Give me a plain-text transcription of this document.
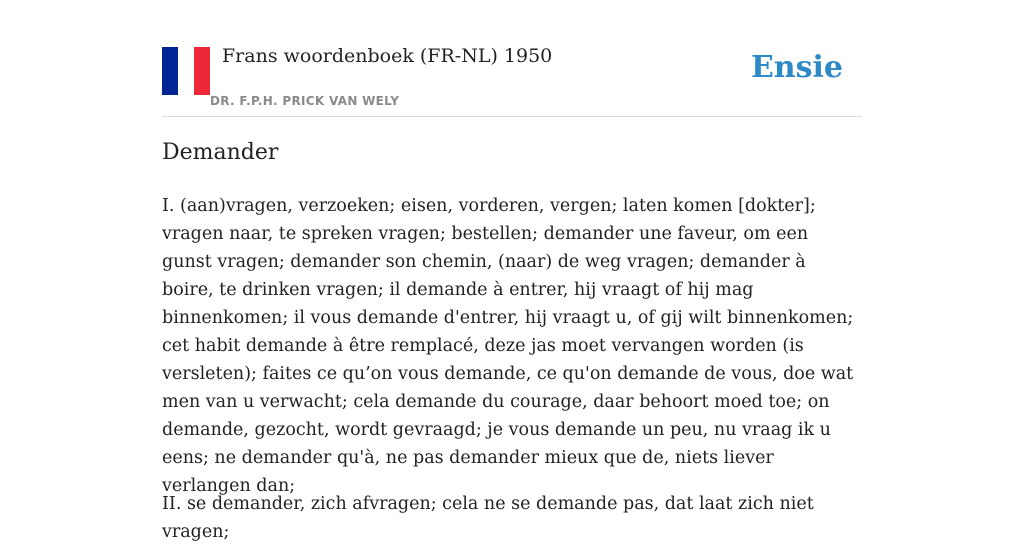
Frans woordenboek (FR-NL) 1950
DR. F.P.H. PRICK VAN WELY
Ensie
Demander

I. (aan)vragen, verzoeken; eisen, vorderen, vergen; laten komen [dokter]; vragen naar, te spreken vragen; bestellen; demander une faveur, om een gunst vragen; demander son chemin, (naar) de weg vragen; demander à boire, te drinken vragen; il demande à entrer, hij vraagt of hij mag binnenkomen; il vous demande d'entrer, hij vraagt u, of gij wilt binnenkomen; cet habit demande à être remplacé, deze jas moet vervangen worden (is versleten); faites ce qu’on vous demande, ce qu'on demande de vous, doe wat men van u verwacht; cela demande du courage, daar behoort moed toe; on demande, gezocht, wordt gevraagd; je vous demande un peu, nu vraag ik u eens; ne demander qu'à, ne pas demander mieux que de, niets liever verlangen dan;

II. se demander, zich afvragen; cela ne se demande pas, dat laat zich niet vragen;
